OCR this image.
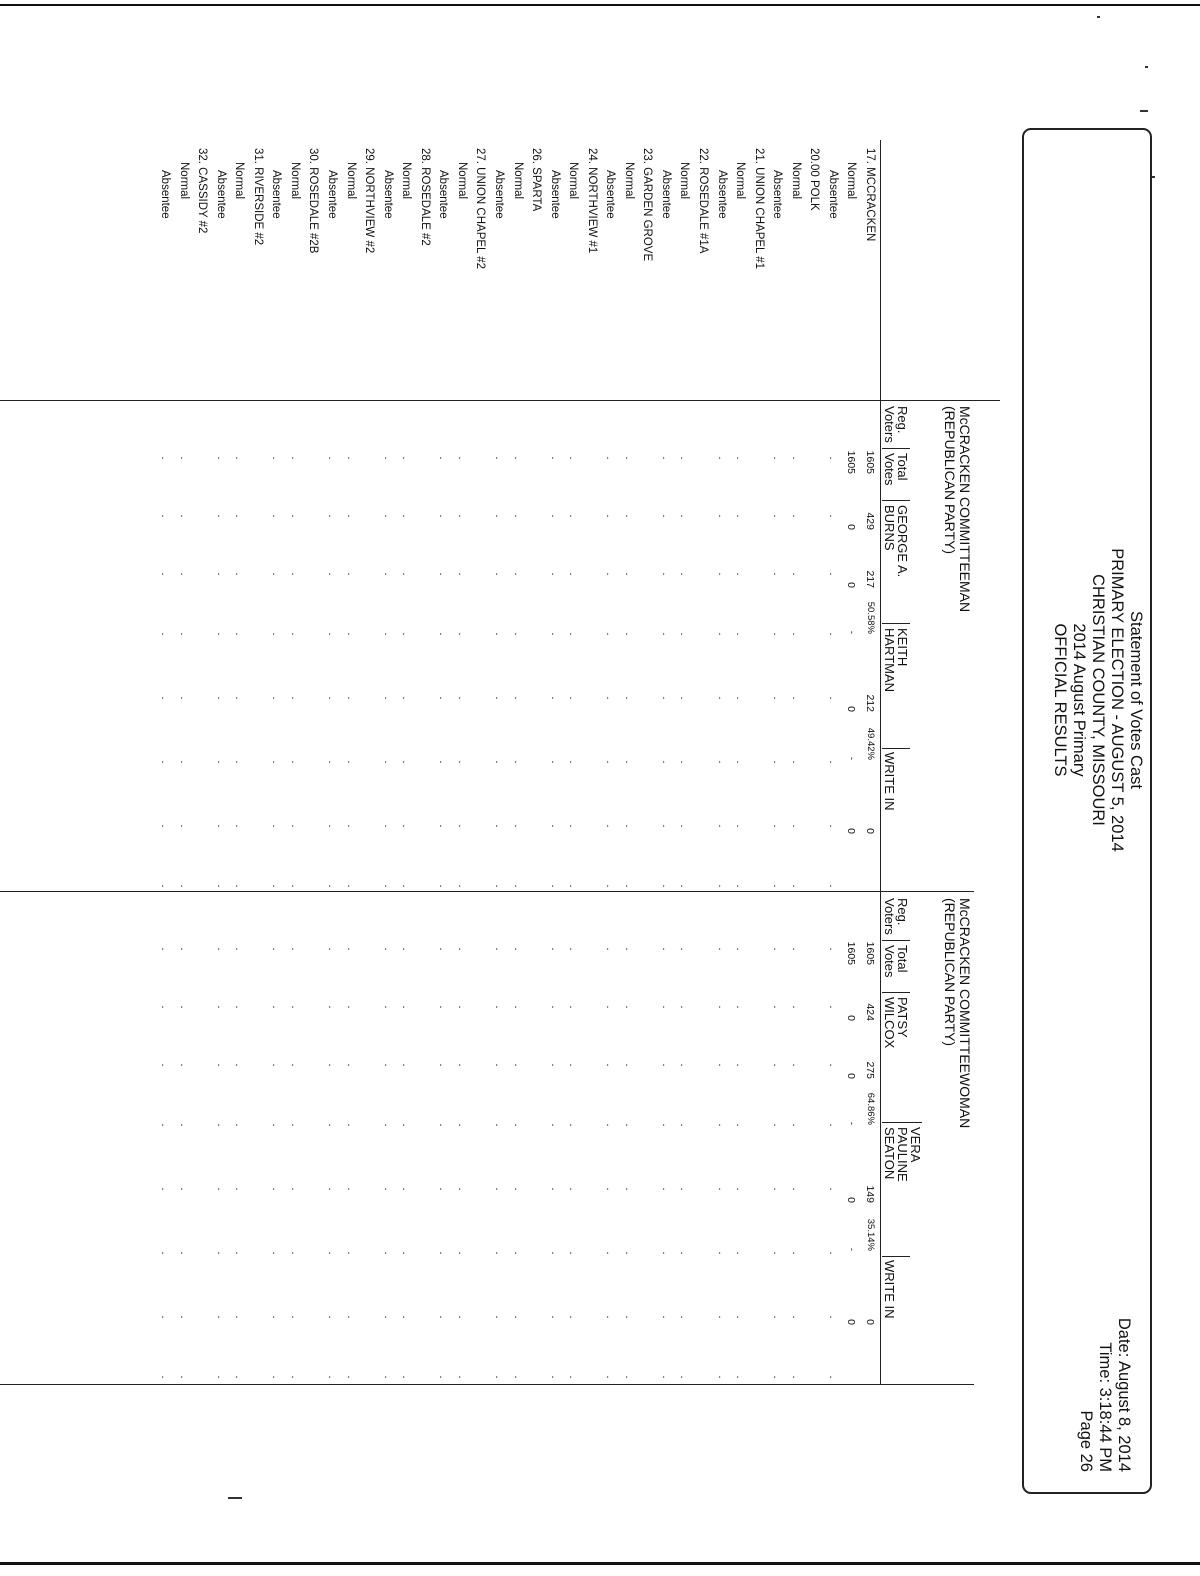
Statement of Votes Cast
PRIMARY ELECTION - AUGUST 5, 2014
CHRISTIAN COUNTY, MISSOURI
2014 August Primary
OFFICIAL RESULTS
Date: August 8, 2014
Time: 3:18:44 PM
Page 26
McCRACKEN COMMITTEEMAN
(REPUBLICAN PARTY)
Reg.
Voters
Total
Votes
GEORGE A.
BURNS
KEITH
HARTMAN
WRITE IN
McCRACKEN COMMITTEEWOMAN
(REPUBLICAN PARTY)
Reg.
Voters
Total
Votes
PATSY
WILCOX
VERA
PAULINE
SEATON
WRITE IN
17. MCCRACKEN
1605
429
217
50.58%
212
49.42%
0
1605
424
275
64.86%
149
35.14%
0
Normal
1605
0
0
-
0
-
0
1605
0
0
-
0
-
0
Absentee
.
.
.
.
.
.
.
.
.
.
.
.
.
.
.
.
20.00 POLK
Normal
.
.
.
.
.
.
.
.
.
.
.
.
.
.
.
.
Absentee
.
.
.
.
.
.
.
.
.
.
.
.
.
.
.
.
21. UNION CHAPEL #1
Normal
.
.
.
.
.
.
.
.
.
.
.
.
.
.
.
.
Absentee
.
.
.
.
.
.
.
.
.
.
.
.
.
.
.
.
22. ROSEDALE #1A
Normal
.
.
.
.
.
.
.
.
.
.
.
.
.
.
.
.
Absentee
.
.
.
.
.
.
.
.
.
.
.
.
.
.
.
.
23. GARDEN GROVE
Normal
.
.
.
.
.
.
.
.
.
.
.
.
.
.
.
.
Absentee
.
.
.
.
.
.
.
.
.
.
.
.
.
.
.
.
24. NORTHVIEW #1
Normal
.
.
.
.
.
.
.
.
.
.
.
.
.
.
.
.
Absentee
.
.
.
.
.
.
.
.
.
.
.
.
.
.
.
.
26. SPARTA
Normal
.
.
.
.
.
.
.
.
.
.
.
.
.
.
.
.
Absentee
.
.
.
.
.
.
.
.
.
.
.
.
.
.
.
.
27. UNION CHAPEL #2
Normal
.
.
.
.
.
.
.
.
.
.
.
.
.
.
.
.
Absentee
.
.
.
.
.
.
.
.
.
.
.
.
.
.
.
.
28. ROSEDALE #2
Normal
.
.
.
.
.
.
.
.
.
.
.
.
.
.
.
.
Absentee
.
.
.
.
.
.
.
.
.
.
.
.
.
.
.
.
29. NORTHVIEW #2
Normal
.
.
.
.
.
.
.
.
.
.
.
.
.
.
.
.
Absentee
.
.
.
.
.
.
.
.
.
.
.
.
.
.
.
.
30. ROSEDALE #2B
Normal
.
.
.
.
.
.
.
.
.
.
.
.
.
.
.
.
Absentee
.
.
.
.
.
.
.
.
.
.
.
.
.
.
.
.
31. RIVERSIDE #2
Normal
.
.
.
.
.
.
.
.
.
.
.
.
.
.
.
.
Absentee
.
.
.
.
.
.
.
.
.
.
.
.
.
.
.
.
32. CASSIDY #2
Normal
.
.
.
.
.
.
.
.
.
.
.
.
.
.
.
.
Absentee
.
.
.
.
.
.
.
.
.
.
.
.
.
.
.
.
